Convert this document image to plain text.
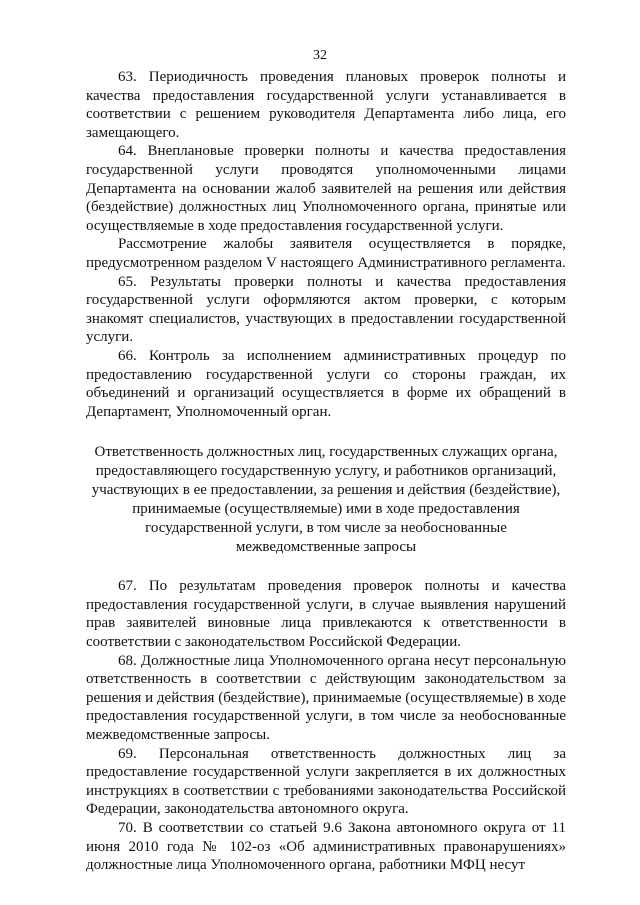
32

63. Периодичность проведения плановых проверок полноты и качества предоставления государственной услуги устанавливается в соответствии с решением руководителя Департамента либо лица, его замещающего.

64. Внеплановые проверки полноты и качества предоставления государственной услуги проводятся уполномоченными лицами Департамента на основании жалоб заявителей на решения или действия (бездействие) должностных лиц Уполномоченного органа, принятые или осуществляемые в ходе предоставления государственной услуги.

Рассмотрение жалобы заявителя осуществляется в порядке, предусмотренном разделом V настоящего Административного регламента.

65. Результаты проверки полноты и качества предоставления государственной услуги оформляются актом проверки, с которым знакомят специалистов, участвующих в предоставлении государственной услуги.

66. Контроль за исполнением административных процедур по предоставлению государственной услуги со стороны граждан, их объединений и организаций осуществляется в форме их обращений в Департамент, Уполномоченный орган.

Ответственность должностных лиц, государственных служащих органа,
предоставляющего государственную услугу, и работников организаций,
участвующих в ее предоставлении, за решения и действия (бездействие),
принимаемые (осуществляемые) ими в ходе предоставления
государственной услуги, в том числе за необоснованные
межведомственные запросы

67. По результатам проведения проверок полноты и качества предоставления государственной услуги, в случае выявления нарушений прав заявителей виновные лица привлекаются к ответственности в соответствии с законодательством Российской Федерации.

68. Должностные лица Уполномоченного органа несут персональную ответственность в соответствии с действующим законодательством за решения и действия (бездействие), принимаемые (осуществляемые) в ходе предоставления государственной услуги, в том числе за необоснованные межведомственные запросы.

69. Персональная ответственность должностных лиц за предоставление государственной услуги закрепляется в их должностных инструкциях в соответствии с требованиями законодательства Российской Федерации, законодательства автономного округа.

70. В соответствии со статьей 9.6 Закона автономного округа от 11 июня 2010 года № 102-оз «Об административных правонарушениях» должностные лица Уполномоченного органа, работники МФЦ несут
